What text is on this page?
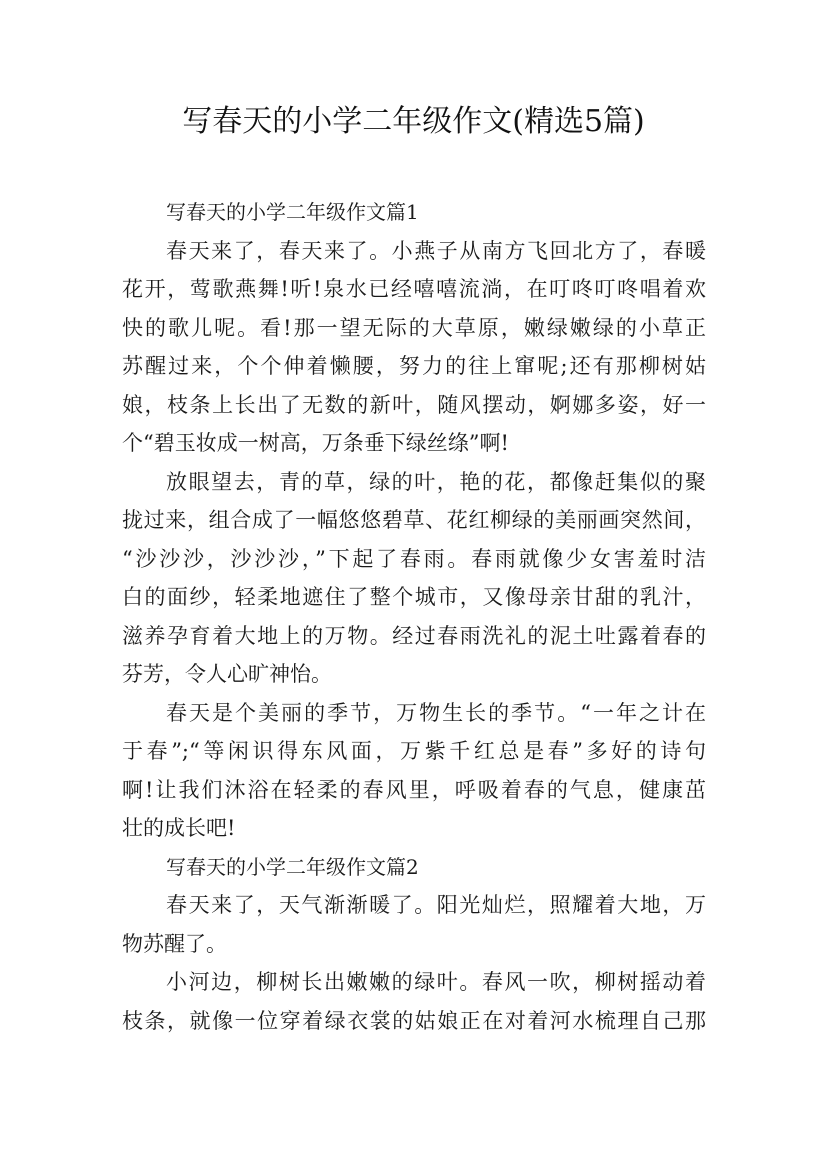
写春天的小学二年级作文(精选5篇)
写春天的小学二年级作文篇1
春天来了，春天来了。小燕子从南方飞回北方了，春暖
花开，莺歌燕舞!听!泉水已经嘻嘻流淌，在叮咚叮咚唱着欢
快的歌儿呢。看!那一望无际的大草原，嫩绿嫩绿的小草正
苏醒过来，个个伸着懒腰，努力的往上窜呢;还有那柳树姑
娘，枝条上长出了无数的新叶，随风摆动，婀娜多姿，好一
个“碧玉妆成一树高，万条垂下绿丝绦”啊!
放眼望去，青的草，绿的叶，艳的花，都像赶集似的聚
拢过来，组合成了一幅悠悠碧草、花红柳绿的美丽画突然间，
“沙沙沙，沙沙沙，”下起了春雨。春雨就像少女害羞时洁
白的面纱，轻柔地遮住了整个城市，又像母亲甘甜的乳汁，
滋养孕育着大地上的万物。经过春雨洗礼的泥土吐露着春的
芬芳，令人心旷神怡。
春天是个美丽的季节，万物生长的季节。“一年之计在
于春”;“等闲识得东风面，万紫千红总是春”多好的诗句
啊!让我们沐浴在轻柔的春风里，呼吸着春的气息，健康茁
壮的成长吧!
写春天的小学二年级作文篇2
春天来了，天气渐渐暖了。阳光灿烂，照耀着大地，万
物苏醒了。
小河边，柳树长出嫩嫩的绿叶。春风一吹，柳树摇动着
枝条，就像一位穿着绿衣裳的姑娘正在对着河水梳理自己那
